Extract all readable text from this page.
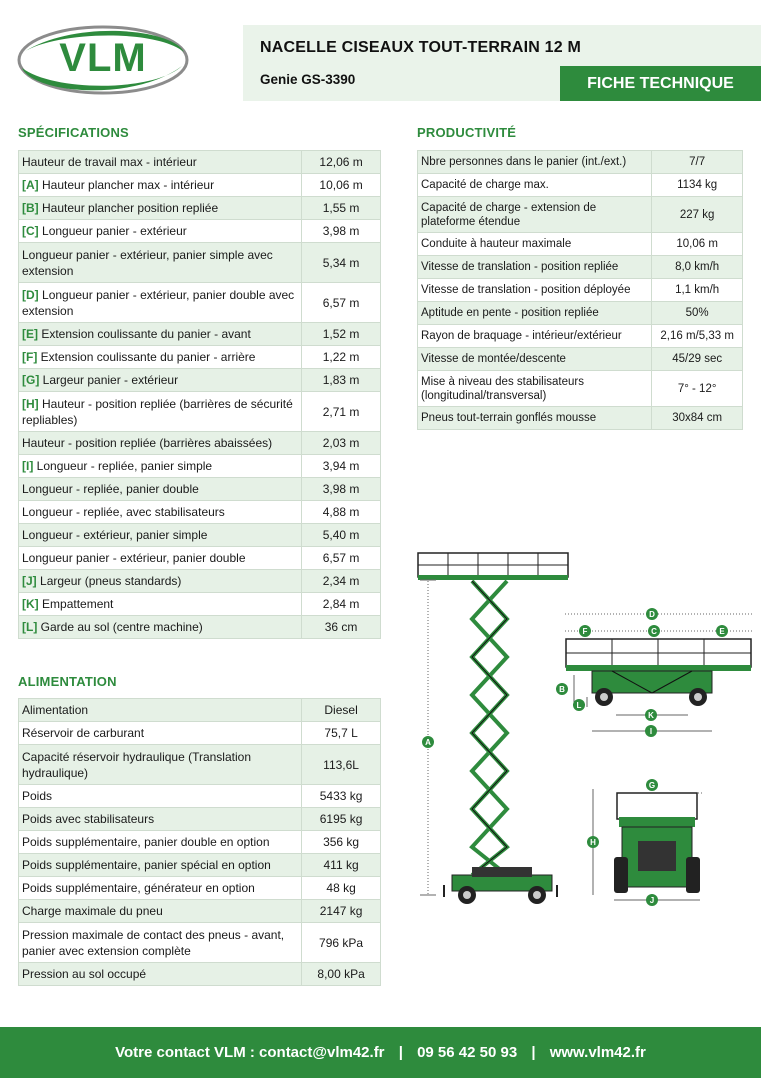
VLM	NACELLE CISEAUX TOUT-TERRAIN 12 M
Genie GS-3390	FICHE TECHNIQUE
SPÉCIFICATIONS
Hauteur de travail max - intérieur	12,06 m
[A] Hauteur plancher max - intérieur	10,06 m
[B] Hauteur plancher position repliée	1,55 m
[C] Longueur panier - extérieur	3,98 m
Longueur panier - extérieur, panier simple avec extension	5,34 m
[D] Longueur panier - extérieur, panier double avec extension	6,57 m
[E] Extension coulissante du panier - avant	1,52 m
[F] Extension coulissante du panier - arrière	1,22 m
[G] Largeur panier - extérieur	1,83 m
[H] Hauteur - position repliée (barrières de sécurité repliables)	2,71 m
Hauteur - position repliée (barrières abaissées)	2,03 m
[I] Longueur - repliée, panier simple	3,94 m
Longueur - repliée, panier double	3,98 m
Longueur - repliée, avec stabilisateurs	4,88 m
Longueur - extérieur, panier simple	5,40 m
Longueur panier - extérieur, panier double	6,57 m
[J] Largeur (pneus standards)	2,34 m
[K] Empattement	2,84 m
[L] Garde au sol (centre machine)	36 cm
PRODUCTIVITÉ
Nbre personnes dans le panier (int./ext.)	7/7
Capacité de charge max.	1134 kg
Capacité de charge - extension de plateforme étendue	227 kg
Conduite à hauteur maximale	10,06 m
Vitesse de translation - position repliée	8,0 km/h
Vitesse de translation - position déployée	1,1 km/h
Aptitude en pente - position repliée	50%
Rayon de braquage - intérieur/extérieur	2,16 m/5,33 m
Vitesse de montée/descente	45/29 sec
Mise à niveau des stabilisateurs (longitudinal/transversal)	7° - 12°
Pneus tout-terrain gonflés mousse	30x84 cm
ALIMENTATION
Alimentation	Diesel
Réservoir de carburant	75,7 L
Capacité réservoir hydraulique (Translation hydraulique)	113,6L
Poids	5433 kg
Poids avec stabilisateurs	6195 kg
Poids supplémentaire, panier double en option	356 kg
Poids supplémentaire, panier spécial en option	411 kg
Poids supplémentaire, générateur en option	48 kg
Charge maximale du pneu	2147 kg
Pression maximale de contact des pneus - avant, panier avec extension complète	796 kPa
Pression au sol occupé	8,00 kPa
A
D
F	C	E
B
L
K
I
G
H
J
Votre contact VLM : contact@vlm42.fr | 09 56 42 50 93 | www.vlm42.fr
